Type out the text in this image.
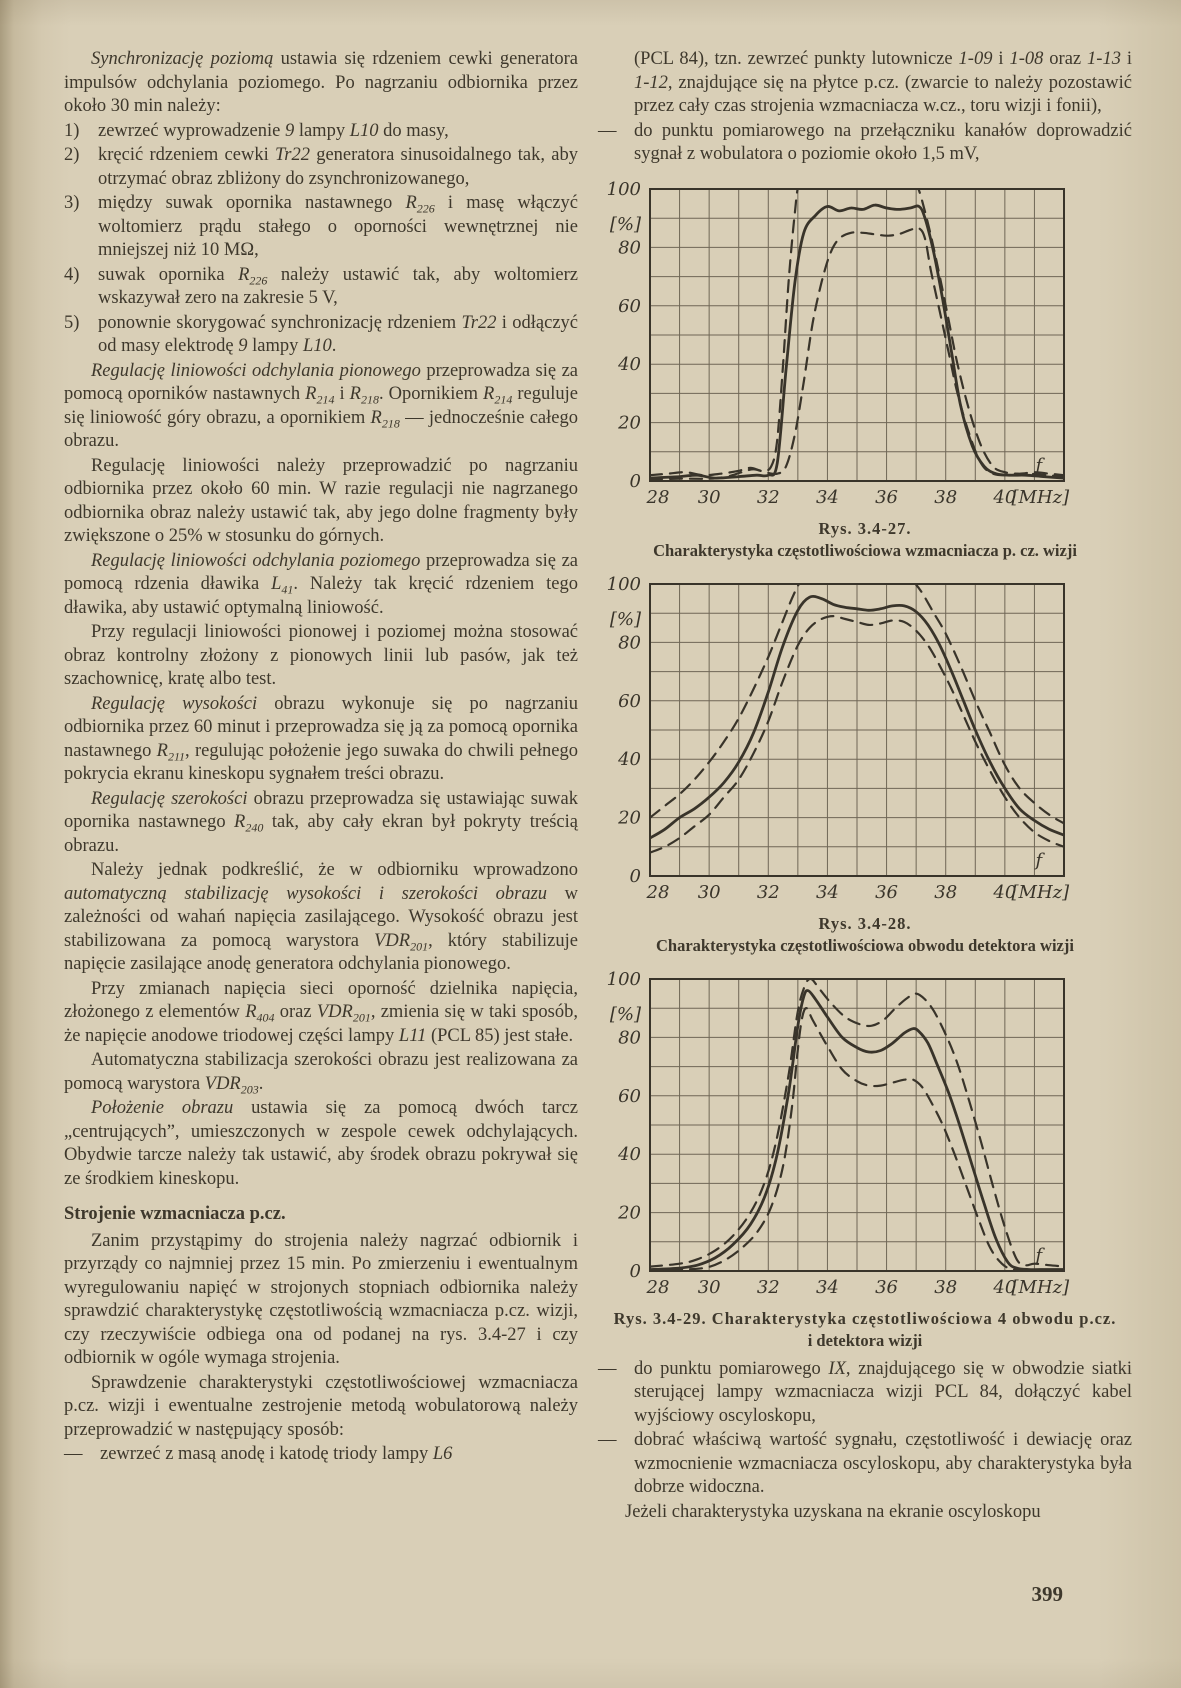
Synchronizację poziomą ustawia się rdzeniem cewki generatora impulsów odchylania poziomego. Po nagrzaniu odbiornika przez około 30 min należy:

1)	zewrzeć wyprowadzenie 9 lampy L10 do masy,

2)	kręcić rdzeniem cewki Tr22 generatora sinusoidalnego tak, aby otrzymać obraz zbliżony do zsynchronizowanego,

3)	między suwak opornika nastawnego $R_{226}$ i masę włączyć woltomierz prądu stałego o oporności wewnętrznej nie mniejszej niż 10 MΩ,

4)	suwak opornika $R_{226}$ należy ustawić tak, aby woltomierz wskazywał zero na zakresie 5 V,

5)	ponownie skorygować synchronizację rdzeniem Tr22 i odłączyć od masy elektrodę 9 lampy L10.

Regulację liniowości odchylania pionowego przeprowadza się za pomocą oporników nastawnych $R_{214}$ i $R_{218}$. Opornikiem $R_{214}$ reguluje się liniowość góry obrazu, a opornikiem $R_{218}$ — jednocześnie całego obrazu.

Regulację liniowości należy przeprowadzić po nagrzaniu odbiornika przez około 60 min. W razie regulacji nie nagrzanego odbiornika obraz należy ustawić tak, aby jego dolne fragmenty były zwiększone o 25% w stosunku do górnych.

Regulację liniowości odchylania poziomego przeprowadza się za pomocą rdzenia dławika $L_{41}$. Należy tak kręcić rdzeniem tego dławika, aby ustawić optymalną liniowość.

Przy regulacji liniowości pionowej i poziomej można stosować obraz kontrolny złożony z pionowych linii lub pasów, jak też szachownicę, kratę albo test.

Regulację wysokości obrazu wykonuje się po nagrzaniu odbiornika przez 60 minut i przeprowadza się ją za pomocą opornika nastawnego $R_{211}$, regulując położenie jego suwaka do chwili pełnego pokrycia ekranu kineskopu sygnałem treści obrazu.

Regulację szerokości obrazu przeprowadza się ustawiając suwak opornika nastawnego $R_{240}$ tak, aby cały ekran był pokryty treścią obrazu.

Należy jednak podkreślić, że w odbiorniku wprowadzono automatyczną stabilizację wysokości i szerokości obrazu w zależności od wahań napięcia zasilającego. Wysokość obrazu jest stabilizowana za pomocą warystora $VDR_{201}$, który stabilizuje napięcie zasilające anodę generatora odchylania pionowego.

Przy zmianach napięcia sieci oporność dzielnika napięcia, złożonego z elementów $R_{404}$ oraz $VDR_{201}$, zmienia się w taki sposób, że napięcie anodowe triodowej części lampy L11 (PCL 85) jest stałe.

Automatyczna stabilizacja szerokości obrazu jest realizowana za pomocą warystora $VDR_{203}$.

Położenie obrazu ustawia się za pomocą dwóch tarcz „centrujących”, umieszczonych w zespole cewek odchylających. Obydwie tarcze należy tak ustawić, aby środek obrazu pokrywał się ze środkiem kineskopu.

Strojenie wzmacniacza p.cz.

Zanim przystąpimy do strojenia należy nagrzać odbiornik i przyrządy co najmniej przez 15 min. Po zmierzeniu i ewentualnym wyregulowaniu napięć w strojonych stopniach odbiornika należy sprawdzić charakterystykę częstotliwością wzmacniacza p.cz. wizji, czy rzeczywiście odbiega ona od podanej na rys. 3.4-27 i czy odbiornik w ogóle wymaga strojenia.

Sprawdzenie charakterystyki częstotliwościowej wzmacniacza p.cz. wizji i ewentualne zestrojenie metodą wobulatorową należy przeprowadzić w następujący sposób:

— zewrzeć z masą anodę i katodę triody lampy L6

(PCL 84), tzn. zewrzeć punkty lutownicze 1-09 i 1-08 oraz 1-13 i 1-12, znajdujące się na płytce p.cz. (zwarcie to należy pozostawić przez cały czas strojenia wzmacniacza w.cz., toru wizji i fonii),

— do punktu pomiarowego na przełączniku kanałów doprowadzić sygnał z wobulatora o poziomie około 1,5 mV,

0
20
40
60
80
100
[%]
28 30 32 34 36 38 40
[MHz]
f
Rys. 3.4-27.
Charakterystyka częstotliwościowa wzmacniacza p. cz. wizji
0
20
40
60
80
100
[%]
28 30 32 34 36 38 40
[MHz]
f
Rys. 3.4-28.
Charakterystyka częstotliwościowa obwodu detektora wizji
0
20
40
60
80
100
[%]
28 30 32 34 36 38 40
[MHz]
f
Rys. 3.4-29. Charakterystyka częstotliwościowa 4 obwodu p.cz.
i detektora wizji

— do punktu pomiarowego IX, znajdującego się w obwodzie siatki sterującej lampy wzmacniacza wizji PCL 84, dołączyć kabel wyjściowy oscyloskopu,

— dobrać właściwą wartość sygnału, częstotliwość i dewiację oraz wzmocnienie wzmacniacza oscyloskopu, aby charakterystyka była dobrze widoczna.

Jeżeli charakterystyka uzyskana na ekranie oscyloskopu

399
